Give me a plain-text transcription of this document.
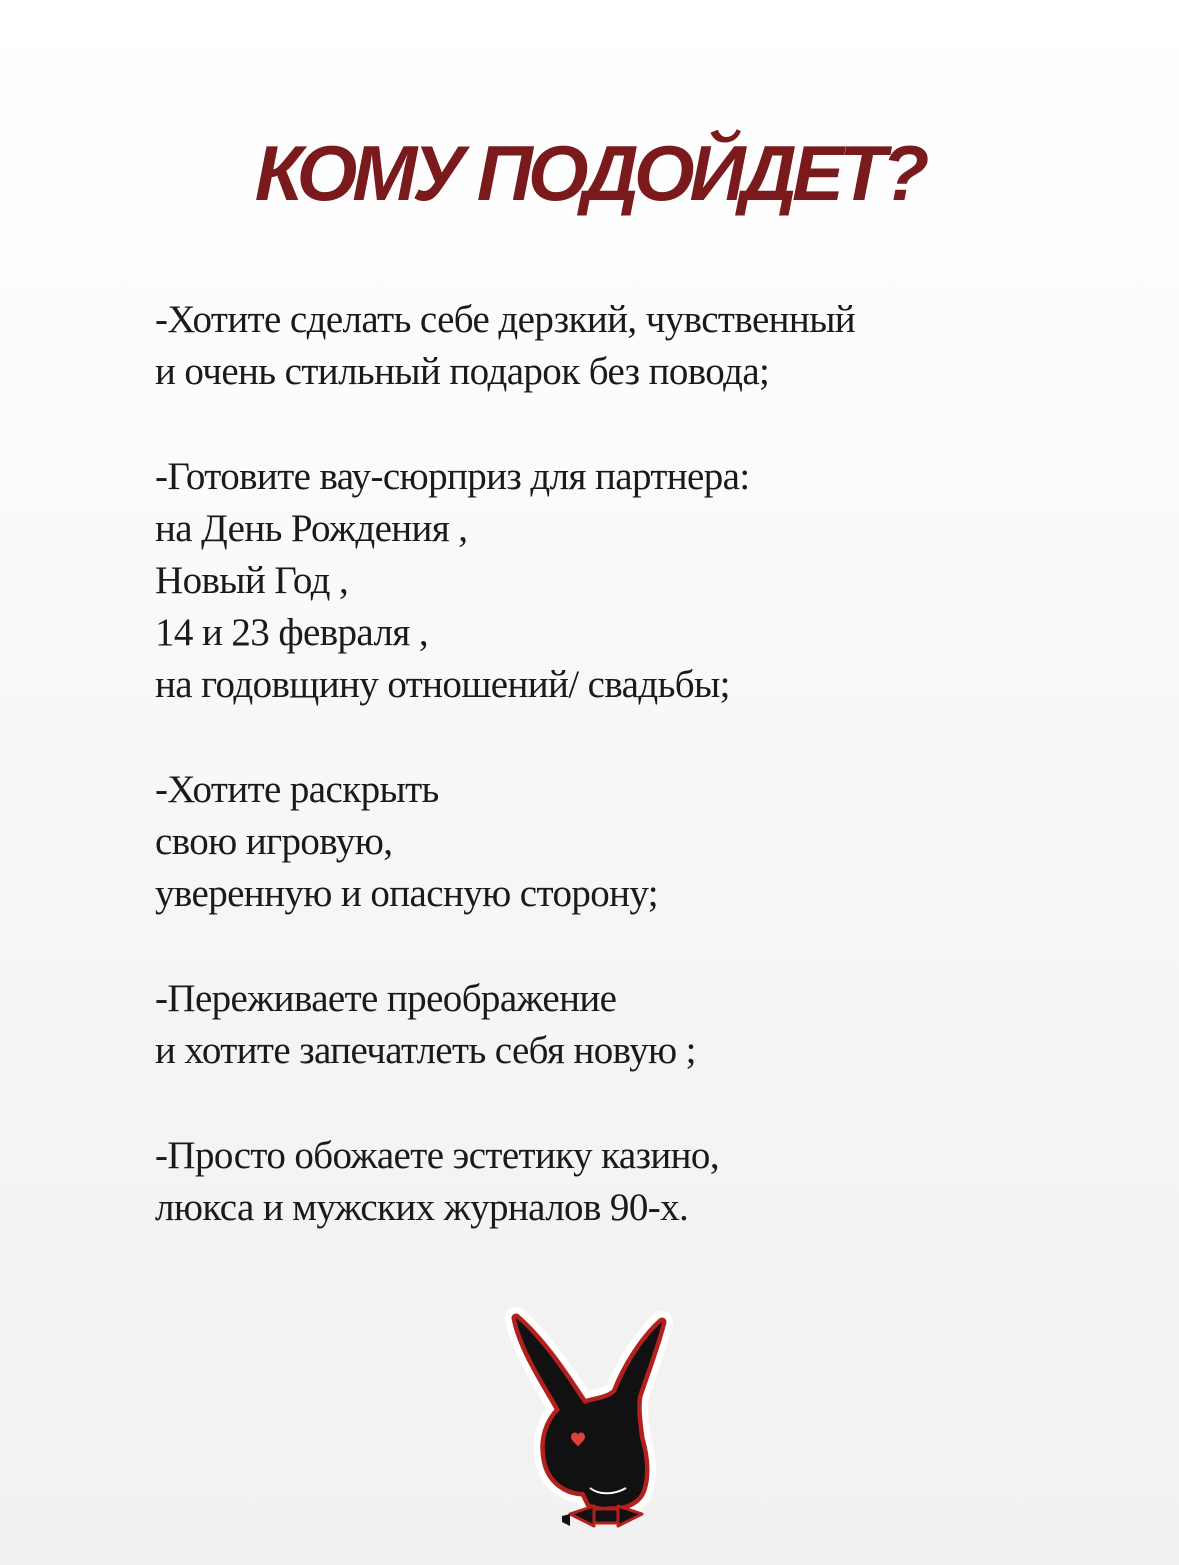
КОМУ ПОДОЙДЕТ?
-Хотите сделать себе дерзкий, чувственный
и очень стильный подарок без повода;
-Готовите вау-сюрприз для партнера:
на День Рождения ,
Новый Год ,
14 и 23 февраля ,
на годовщину отношений/ свадьбы;
-Хотите раскрыть
свою игровую,
уверенную и опасную сторону;
-Переживаете преображение
и хотите запечатлеть себя новую ;
-Просто обожаете эстетику казино,
люкса и мужских журналов 90-х.
